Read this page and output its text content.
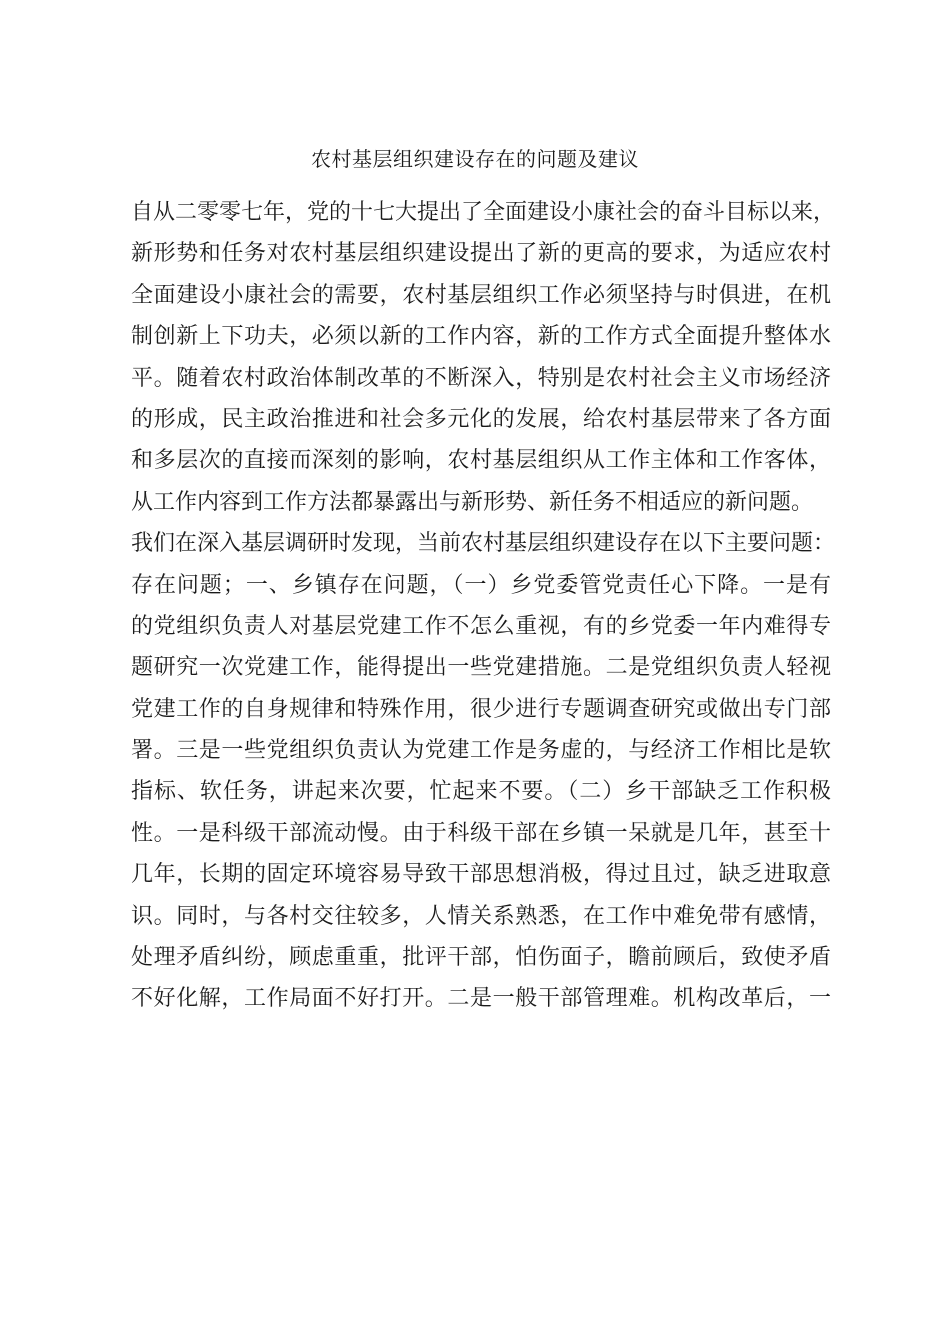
农村基层组织建设存在的问题及建议
自从二零零七年，党的十七大提出了全面建设小康社会的奋斗目标以来，
新形势和任务对农村基层组织建设提出了新的更高的要求，为适应农村
全面建设小康社会的需要，农村基层组织工作必须坚持与时俱进，在机
制创新上下功夫，必须以新的工作内容，新的工作方式全面提升整体水
平。随着农村政治体制改革的不断深入，特别是农村社会主义市场经济
的形成，民主政治推进和社会多元化的发展，给农村基层带来了各方面
和多层次的直接而深刻的影响，农村基层组织从工作主体和工作客体，
从工作内容到工作方法都暴露出与新形势、新任务不相适应的新问题。
我们在深入基层调研时发现，当前农村基层组织建设存在以下主要问题：
存在问题；一、乡镇存在问题，（一）乡党委管党责任心下降。一是有
的党组织负责人对基层党建工作不怎么重视，有的乡党委一年内难得专
题研究一次党建工作，能得提出一些党建措施。二是党组织负责人轻视
党建工作的自身规律和特殊作用，很少进行专题调查研究或做出专门部
署。三是一些党组织负责认为党建工作是务虚的，与经济工作相比是软
指标、软任务，讲起来次要，忙起来不要。（二）乡干部缺乏工作积极
性。一是科级干部流动慢。由于科级干部在乡镇一呆就是几年，甚至十
几年，长期的固定环境容易导致干部思想消极，得过且过，缺乏进取意
识。同时，与各村交往较多，人情关系熟悉，在工作中难免带有感情，
处理矛盾纠纷，顾虑重重，批评干部，怕伤面子，瞻前顾后，致使矛盾
不好化解，工作局面不好打开。二是一般干部管理难。机构改革后，一
